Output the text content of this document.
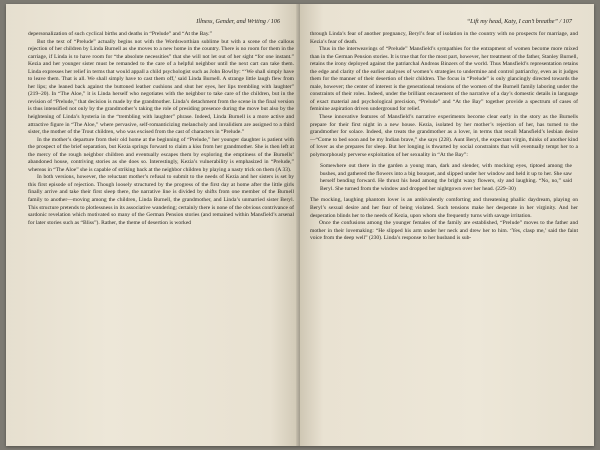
Illness, Gender, and Writing / 106

depersonalization of such cyclical births and deaths in “Prelude” and “At the Bay.”

But the text of “Prelude” actually begins not with the Wordsworthian sublime but with a scene of the callous rejection of her children by Linda Burnell as she moves to a new home in the country. There is no room for them in the carriage, if Linda is to have room for “the absolute necessities” that she will not let out of her sight “for one instant.” Kezia and her younger sister must be remanded to the care of a helpful neighbor until the next cart can take them. Linda expresses her relief in terms that would appall a child psychologist such as John Bowlby: “‘We shall simply have to leave them. That is all. We shall simply have to cast them off,’ said Linda Burnell. A strange little laugh flew from her lips; she leaned back against the buttoned leather cushions and shut her eyes, her lips trembling with laughter” (219–20). In “The Aloe,” it is Linda herself who negotiates with the neighbor to take care of the children, but in the revision of “Prelude,” that decision is made by the grandmother. Linda’s detachment from the scene in the final version is thus intensified not only by the grandmother’s taking the role of presiding presence during the move but also by the heightening of Linda’s hysteria in the “trembling with laughter” phrase. Indeed, Linda Burnell is a more active and attractive figure in “The Aloe,” where pervasive, self-romanticizing melancholy and invalidism are assigned to a third sister, the mother of the Trout children, who was excised from the cast of characters in “Prelude.”

In the mother’s departure from their old home at the beginning of “Prelude,” her younger daughter is patient with the prospect of the brief separation, but Kezia springs forward to claim a kiss from her grandmother. She is then left at the mercy of the rough neighbor children and eventually escapes them by exploring the emptiness of the Burnells’ abandoned house, contriving stories as she does so. Interestingly, Kezia’s vulnerability is emphasized in “Prelude,” whereas in “The Aloe” she is capable of striking back at the neighbor children by playing a nasty trick on them (A 33).

In both versions, however, the reluctant mother’s refusal to submit to the needs of Kezia and her sisters is set by this first episode of rejection. Though loosely structured by the progress of the first day at home after the little girls finally arrive and take their first sleep there, the narrative line is divided by shifts from one member of the Burnell family to another—moving among the children, Linda Burnell, the grandmother, and Linda’s unmarried sister Beryl. This structure pretends to plotlessness in its associative wandering; certainly there is none of the obvious contrivance of sardonic revelation which motivated so many of the German Pension stories (and remained within Mansfield’s arsenal for later stories such as “Bliss”). Rather, the theme of desertion is worked

“Lift my head, Katy, I can’t breathe” / 107

through Linda’s fear of another pregnancy, Beryl’s fear of isolation in the country with no prospects for marriage, and Kezia’s fear of death.

Thus in the interweavings of “Prelude” Mansfield’s sympathies for the entrapment of women become more mixed than in the German Pension stories. It is true that for the most part, however, her treatment of the father, Stanley Burnell, retains the irony deployed against the patriarchal Andreas Binzers of the world. Thus Mansfield’s representation retains the edge and clarity of the earlier analyses of women’s strategies to undermine and control patriarchy, even as it judges them for the manner of their desertion of their children. The focus in “Prelude” is only glancingly directed towards the male, however; the center of interest is the generational tensions of the women of the Burnell family laboring under the constraints of their roles. Indeed, under the brilliant encasement of the narrative of a day’s domestic details in language of exact material and psychological precision, “Prelude” and “At the Bay” together provide a spectrum of cases of feminine aspiration driven underground for relief.

These innovative features of Mansfield’s narrative experiments become clear early in the story as the Burnells prepare for their first night in a new house. Kezia, isolated by her mother’s rejection of her, has turned to the grandmother for solace. Indeed, she treats the grandmother as a lover, in terms that recall Mansfield’s lesbian desire—“Come to bed soon and be my Indian brave,” she says (228). Aunt Beryl, the expectant virgin, thinks of another kind of lover as she prepares for sleep. But her longing is thwarted by social constraints that will eventually tempt her to a polymorphously perverse exploitation of her sexuality in “At the Bay”:

Somewhere out there in the garden a young man, dark and slender, with mocking eyes, tiptoed among the bushes, and gathered the flowers into a big bouquet, and slipped under her window and held it up to her. She saw herself bending forward. He thrust his head among the bright waxy flowers, sly and laughing. “No, no,” said Beryl. She turned from the window and dropped her nightgown over her head. (229–30)

The mocking, laughing phantom lover is an ambivalently comforting and threatening phallic daydream, playing on Beryl’s sexual desire and her fear of being violated. Such tensions make her desperate in her virginity. And her desperation blinds her to the needs of Kezia, upon whom she frequently turns with savage irritation.

Once the confusions among the younger females of the family are established, “Prelude” moves to the father and mother in their lovemaking: “He slipped his arm under her neck and drew her to him. ‘Yes, clasp me,’ said the faint voice from the deep well” (230). Linda’s response to her husband is sub-
